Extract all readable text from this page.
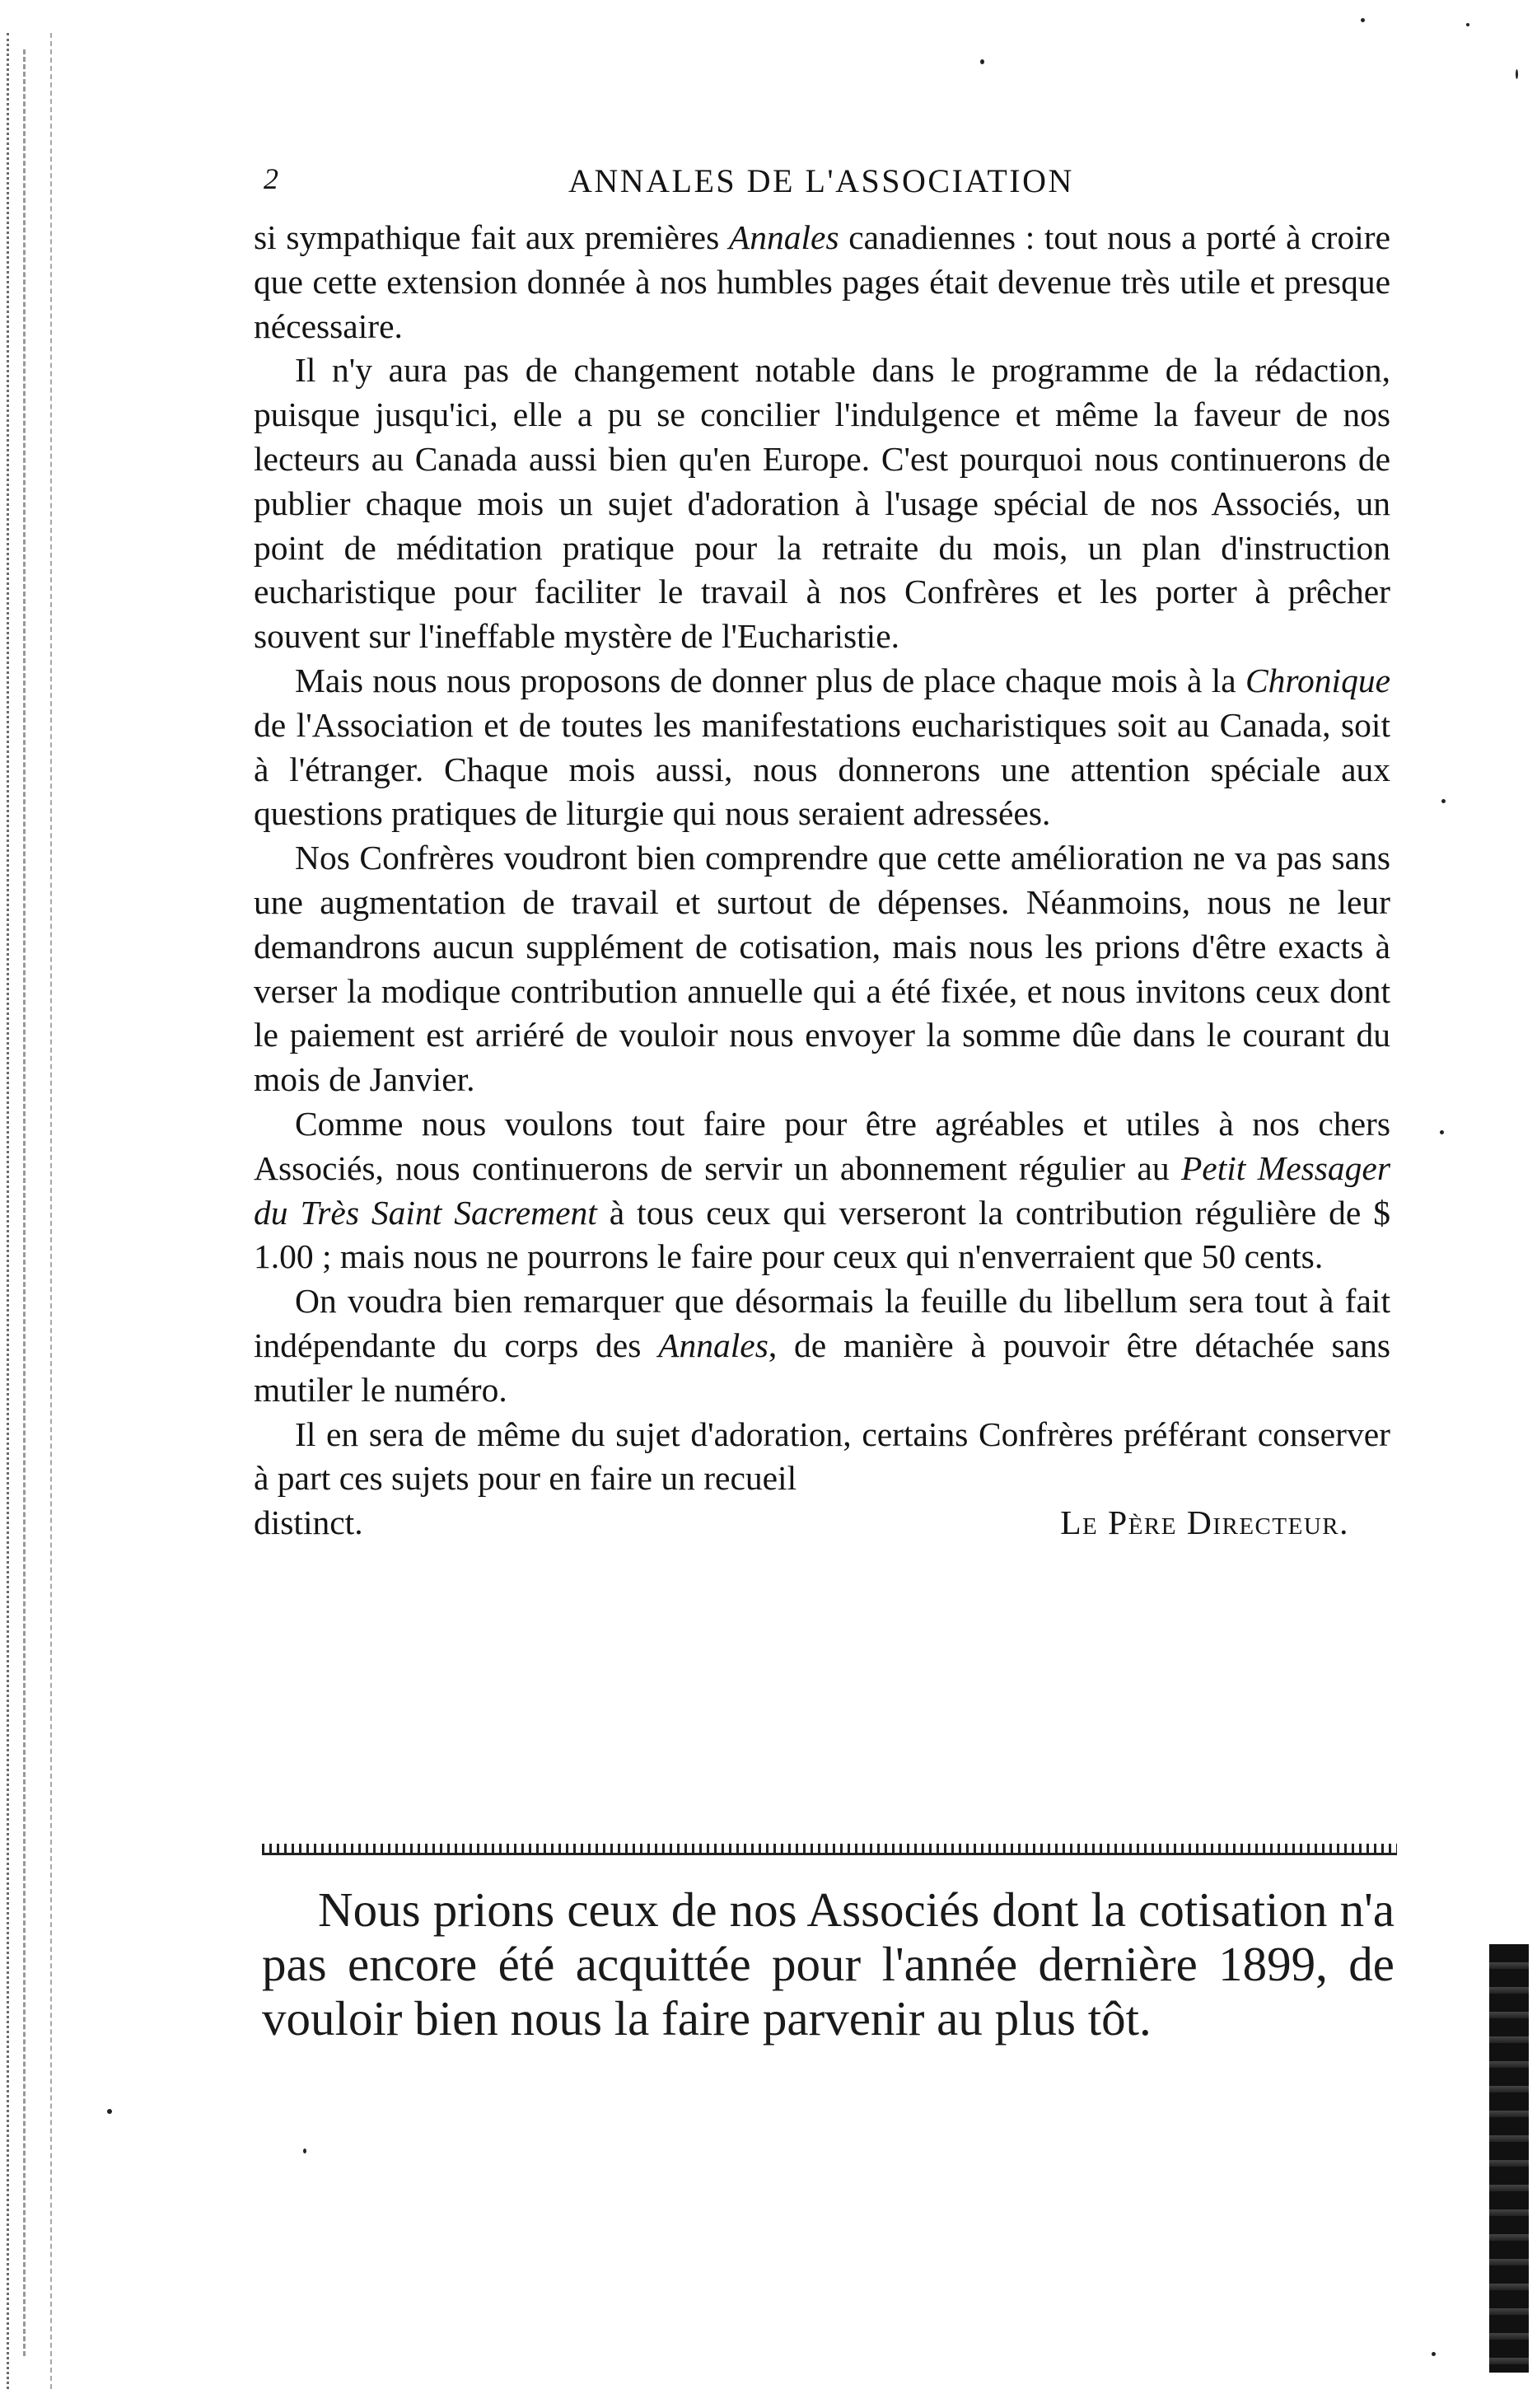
2	ANNALES DE L'ASSOCIATION

si sympathique fait aux premières Annales canadiennes : tout nous a porté à croire que cette extension donnée à nos humbles pages était devenue très utile et presque nécessaire.

Il n'y aura pas de changement notable dans le programme de la rédaction, puisque jusqu'ici, elle a pu se concilier l'indulgence et même la faveur de nos lecteurs au Canada aussi bien qu'en Europe. C'est pourquoi nous continuerons de publier chaque mois un sujet d'adoration à l'usage spécial de nos Associés, un point de méditation pratique pour la retraite du mois, un plan d'instruction eucharistique pour faciliter le travail à nos Confrères et les porter à prêcher souvent sur l'ineffable mystère de l'Eucharistie.

Mais nous nous proposons de donner plus de place chaque mois à la Chronique de l'Association et de toutes les manifestations eucharistiques soit au Canada, soit à l'étranger. Chaque mois aussi, nous donnerons une attention spéciale aux questions pratiques de liturgie qui nous seraient adressées.

Nos Confrères voudront bien comprendre que cette amélioration ne va pas sans une augmentation de travail et surtout de dépenses. Néanmoins, nous ne leur demandrons aucun supplément de cotisation, mais nous les prions d'être exacts à verser la modique contribution annuelle qui a été fixée, et nous invitons ceux dont le paiement est arriéré de vouloir nous envoyer la somme dûe dans le courant du mois de Janvier.

Comme nous voulons tout faire pour être agréables et utiles à nos chers Associés, nous continuerons de servir un abonnement régulier au Petit Messager du Très Saint Sacrement à tous ceux qui verseront la contribution régulière de $ 1.00 ; mais nous ne pourrons le faire pour ceux qui n'enverraient que 50 cents.

On voudra bien remarquer que désormais la feuille du libellum sera tout à fait indépendante du corps des Annales, de manière à pouvoir être détachée sans mutiler le numéro.

Il en sera de même du sujet d'adoration, certains Confrères préférant conserver à part ces sujets pour en faire un recueil

distinct.	Le Père Directeur.

Nous prions ceux de nos Associés dont la cotisation n'a pas encore été acquittée pour l'année dernière 1899, de vouloir bien nous la faire parvenir au plus tôt.
